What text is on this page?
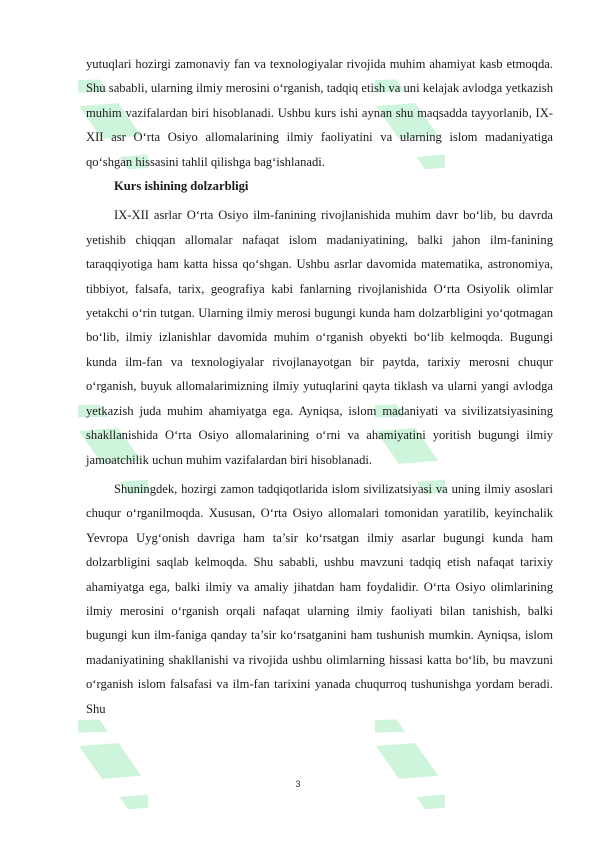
yutuqlari hozirgi zamonaviy fan va texnologiyalar rivojida muhim ahamiyat kasb etmoqda. Shu sababli, ularning ilmiy merosini o‘rganish, tadqiq etish va uni kelajak avlodga yetkazish muhim vazifalardan biri hisoblanadi. Ushbu kurs ishi aynan shu maqsadda tayyorlanib, IX-XII asr O‘rta Osiyo allomalarining ilmiy faoliyatini va ularning islom madaniyatiga qo‘shgan hissasini tahlil qilishga bag‘ishlanadi.

Kurs ishining dolzarbligi

IX-XII asrlar O‘rta Osiyo ilm-fanining rivojlanishida muhim davr bo‘lib, bu davrda yetishib chiqqan allomalar nafaqat islom madaniyatining, balki jahon ilm-fanining taraqqiyotiga ham katta hissa qo‘shgan. Ushbu asrlar davomida matematika, astronomiya, tibbiyot, falsafa, tarix, geografiya kabi fanlarning rivojlanishida O‘rta Osiyolik olimlar yetakchi o‘rin tutgan. Ularning ilmiy merosi bugungi kunda ham dolzarbligini yo‘qotmagan bo‘lib, ilmiy izlanishlar davomida muhim o‘rganish obyekti bo‘lib kelmoqda. Bugungi kunda ilm-fan va texnologiyalar rivojlanayotgan bir paytda, tarixiy merosni chuqur o‘rganish, buyuk allomalarimizning ilmiy yutuqlarini qayta tiklash va ularni yangi avlodga yetkazish juda muhim ahamiyatga ega. Ayniqsa, islom madaniyati va sivilizatsiyasining shakllanishida O‘rta Osiyo allomalarining o‘rni va ahamiyatini yoritish bugungi ilmiy jamoatchilik uchun muhim vazifalardan biri hisoblanadi.

Shuningdek, hozirgi zamon tadqiqotlarida islom sivilizatsiyasi va uning ilmiy asoslari chuqur o‘rganilmoqda. Xususan, O‘rta Osiyo allomalari tomonidan yaratilib, keyinchalik Yevropa Uyg‘onish davriga ham ta’sir ko‘rsatgan ilmiy asarlar bugungi kunda ham dolzarbligini saqlab kelmoqda. Shu sababli, ushbu mavzuni tadqiq etish nafaqat tarixiy ahamiyatga ega, balki ilmiy va amaliy jihatdan ham foydalidir. O‘rta Osiyo olimlarining ilmiy merosini o‘rganish orqali nafaqat ularning ilmiy faoliyati bilan tanishish, balki bugungi kun ilm-faniga qanday ta’sir ko‘rsatganini ham tushunish mumkin. Ayniqsa, islom madaniyatining shakllanishi va rivojida ushbu olimlarning hissasi katta bo‘lib, bu mavzuni o‘rganish islom falsafasi va ilm-fan tarixini yanada chuqurroq tushunishga yordam beradi. Shu

3
